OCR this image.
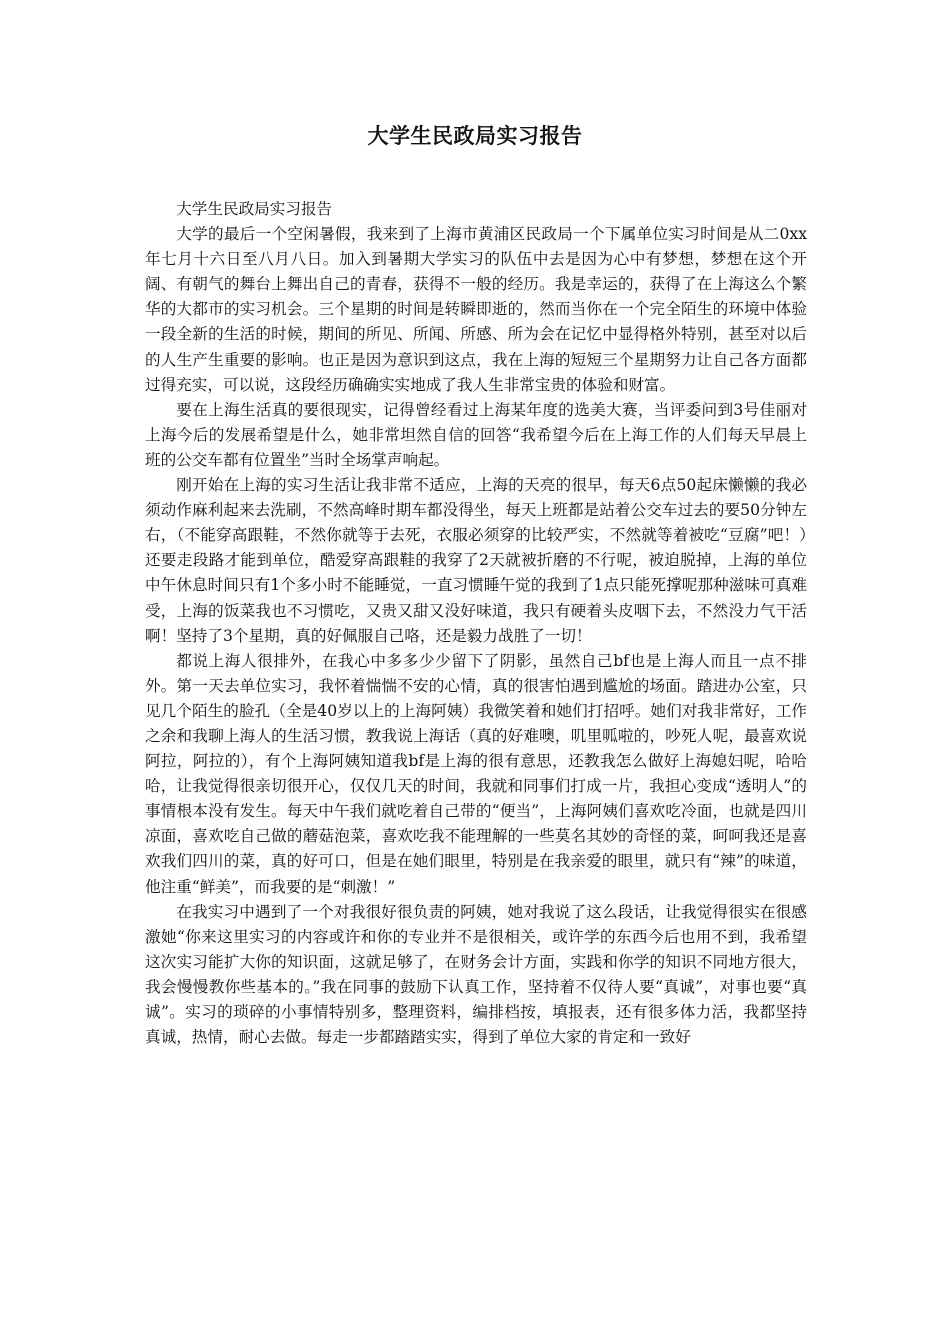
大学生民政局实习报告

大学生民政局实习报告

大学的最后一个空闲暑假，我来到了上海市黄浦区民政局一个下属单位实习时间是从二0xx年七月十六日至八月八日。加入到暑期大学实习的队伍中去是因为心中有梦想，梦想在这个开阔、有朝气的舞台上舞出自己的青春，获得不一般的经历。我是幸运的，获得了在上海这么个繁华的大都市的实习机会。三个星期的时间是转瞬即逝的，然而当你在一个完全陌生的环境中体验一段全新的生活的时候，期间的所见、所闻、所感、所为会在记忆中显得格外特别，甚至对以后的人生产生重要的影响。也正是因为意识到这点，我在上海的短短三个星期努力让自己各方面都过得充实，可以说，这段经历确确实实地成了我人生非常宝贵的体验和财富。

要在上海生活真的要很现实，记得曾经看过上海某年度的选美大赛，当评委问到3号佳丽对上海今后的发展希望是什么，她非常坦然自信的回答“我希望今后在上海工作的人们每天早晨上班的公交车都有位置坐”当时全场掌声响起。

刚开始在上海的实习生活让我非常不适应，上海的天亮的很早，每天6点50起床懒懒的我必须动作麻利起来去洗刷，不然高峰时期车都没得坐，每天上班都是站着公交车过去的要50分钟左右，（不能穿高跟鞋，不然你就等于去死，衣服必须穿的比较严实，不然就等着被吃“豆腐”吧！）还要走段路才能到单位，酷爱穿高跟鞋的我穿了2天就被折磨的不行呢，被迫脱掉，上海的单位中午休息时间只有1个多小时不能睡觉，一直习惯睡午觉的我到了1点只能死撑呢那种滋味可真难受，上海的饭菜我也不习惯吃，又贵又甜又没好味道，我只有硬着头皮咽下去，不然没力气干活啊！坚持了3个星期，真的好佩服自己咯，还是毅力战胜了一切！

都说上海人很排外，在我心中多多少少留下了阴影，虽然自己bf也是上海人而且一点不排外。第一天去单位实习，我怀着惴惴不安的心情，真的很害怕遇到尴尬的场面。踏进办公室，只见几个陌生的脸孔（全是40岁以上的上海阿姨）我微笑着和她们打招呼。她们对我非常好，工作之余和我聊上海人的生活习惯，教我说上海话（真的好难噢，叽里呱啦的，吵死人呢，最喜欢说阿拉，阿拉的），有个上海阿姨知道我bf是上海的很有意思，还教我怎么做好上海媳妇呢，哈哈哈，让我觉得很亲切很开心，仅仅几天的时间，我就和同事们打成一片，我担心变成“透明人”的事情根本没有发生。每天中午我们就吃着自己带的“便当”，上海阿姨们喜欢吃冷面，也就是四川凉面，喜欢吃自己做的蘑菇泡菜，喜欢吃我不能理解的一些莫名其妙的奇怪的菜，呵呵我还是喜欢我们四川的菜，真的好可口，但是在她们眼里，特别是在我亲爱的眼里，就只有“辣”的味道，他注重“鲜美”，而我要的是“刺激！”

在我实习中遇到了一个对我很好很负责的阿姨，她对我说了这么段话，让我觉得很实在很感激她“你来这里实习的内容或许和你的专业并不是很相关，或许学的东西今后也用不到，我希望这次实习能扩大你的知识面，这就足够了，在财务会计方面，实践和你学的知识不同地方很大，我会慢慢教你些基本的。”我在同事的鼓励下认真工作，坚持着不仅待人要“真诚”，对事也要“真诚”。实习的琐碎的小事情特别多，整理资料，编排档按，填报表，还有很多体力活，我都坚持真诚，热情，耐心去做。每走一步都踏踏实实，得到了单位大家的肯定和一致好
